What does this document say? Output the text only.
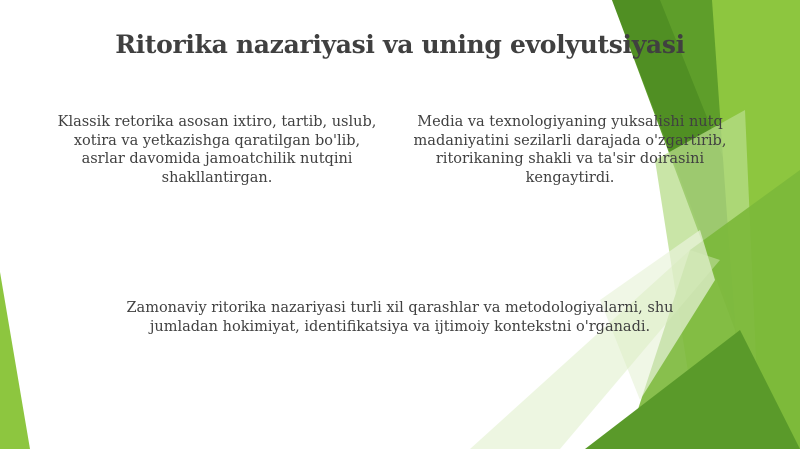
Ritorika nazariyasi va uning evolyutsiyasi

Klassik retorika asosan ixtiro, tartib, uslub, xotira va yetkazishga qaratilgan bo'lib, asrlar davomida jamoatchilik nutqini shakllantirgan.

Media va texnologiyaning yuksalishi nutq madaniyatini sezilarli darajada o'zgartirib, ritorikaning shakli va ta'sir doirasini kengaytirdi.

Zamonaviy ritorika nazariyasi turli xil qarashlar va metodologiyalarni, shu jumladan hokimiyat, identifikatsiya va ijtimoiy kontekstni o'rganadi.
